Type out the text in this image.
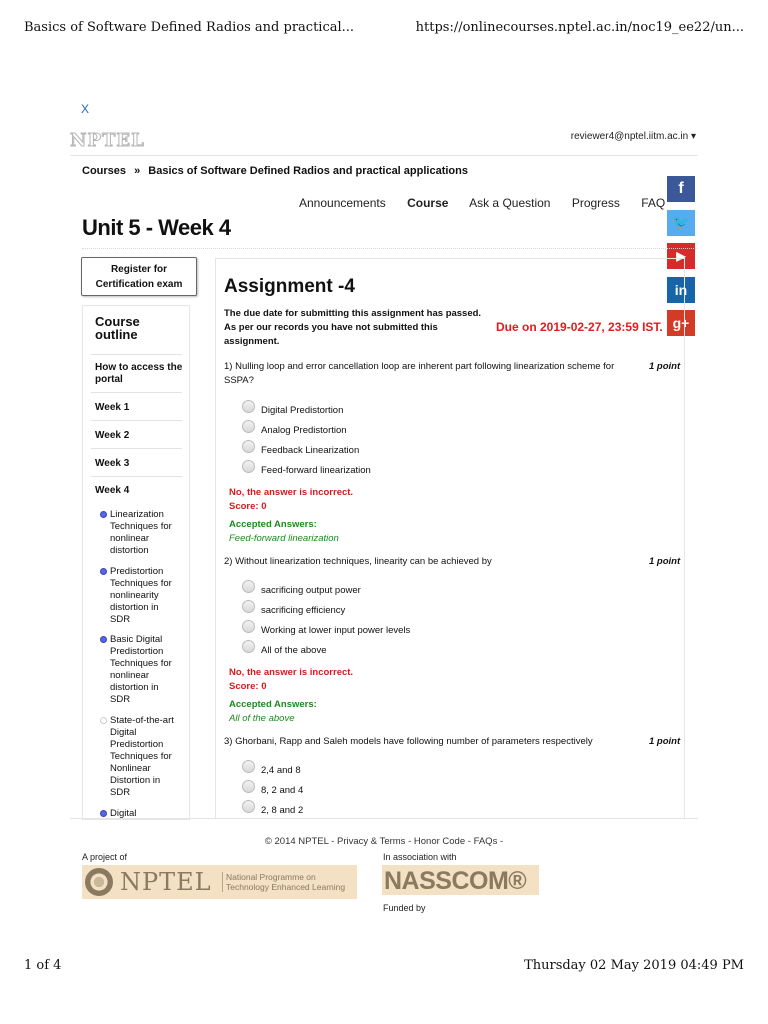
Basics of Software Defined Radios and practical...	https://onlinecourses.nptel.ac.in/noc19_ee22/un...
X
NPTEL	reviewer4@nptel.iitm.ac.in ▾
Courses » Basics of Software Defined Radios and practical applications
Announcements Course Ask a Question Progress FAQ
f
🐦
▶
in
g+
Unit 5 - Week 4
Register for Certification exam
Course outline
How to access the portal
Week 1
Week 2
Week 3
Week 4
Linearization Techniques for nonlinear distortion
Predistortion Techniques for nonlinearity distortion in SDR
Basic Digital Predistortion Techniques for nonlinear distortion in SDR
State-of-the-art Digital Predistortion Techniques for Nonlinear Distortion in SDR
Digital
Assignment -4
The due date for submitting this assignment has passed.
As per our records you have not submitted this
assignment.
Due on 2019-02-27, 23:59 IST.
1) Nulling loop and error cancellation loop are inherent part following linearization scheme for SSPA?
1 point
Digital Predistortion
Analog Predistortion
Feedback Linearization
Feed-forward linearization
No, the answer is incorrect.
Score: 0
Accepted Answers:
Feed-forward linearization
2) Without linearization techniques, linearity can be achieved by	1 point
sacrificing output power
sacrificing efficiency
Working at lower input power levels
All of the above
No, the answer is incorrect.
Score: 0
Accepted Answers:
All of the above
3) Ghorbani, Rapp and Saleh models have following number of parameters respectively	1 point
2,4 and 8
8, 2 and 4
2, 8 and 2
© 2014 NPTEL - Privacy & Terms - Honor Code - FAQs -
A project of	In association with
NPTEL National Programme on
Technology Enhanced Learning NASSCOM®
Funded by
1 of 4	Thursday 02 May 2019 04:49 PM
